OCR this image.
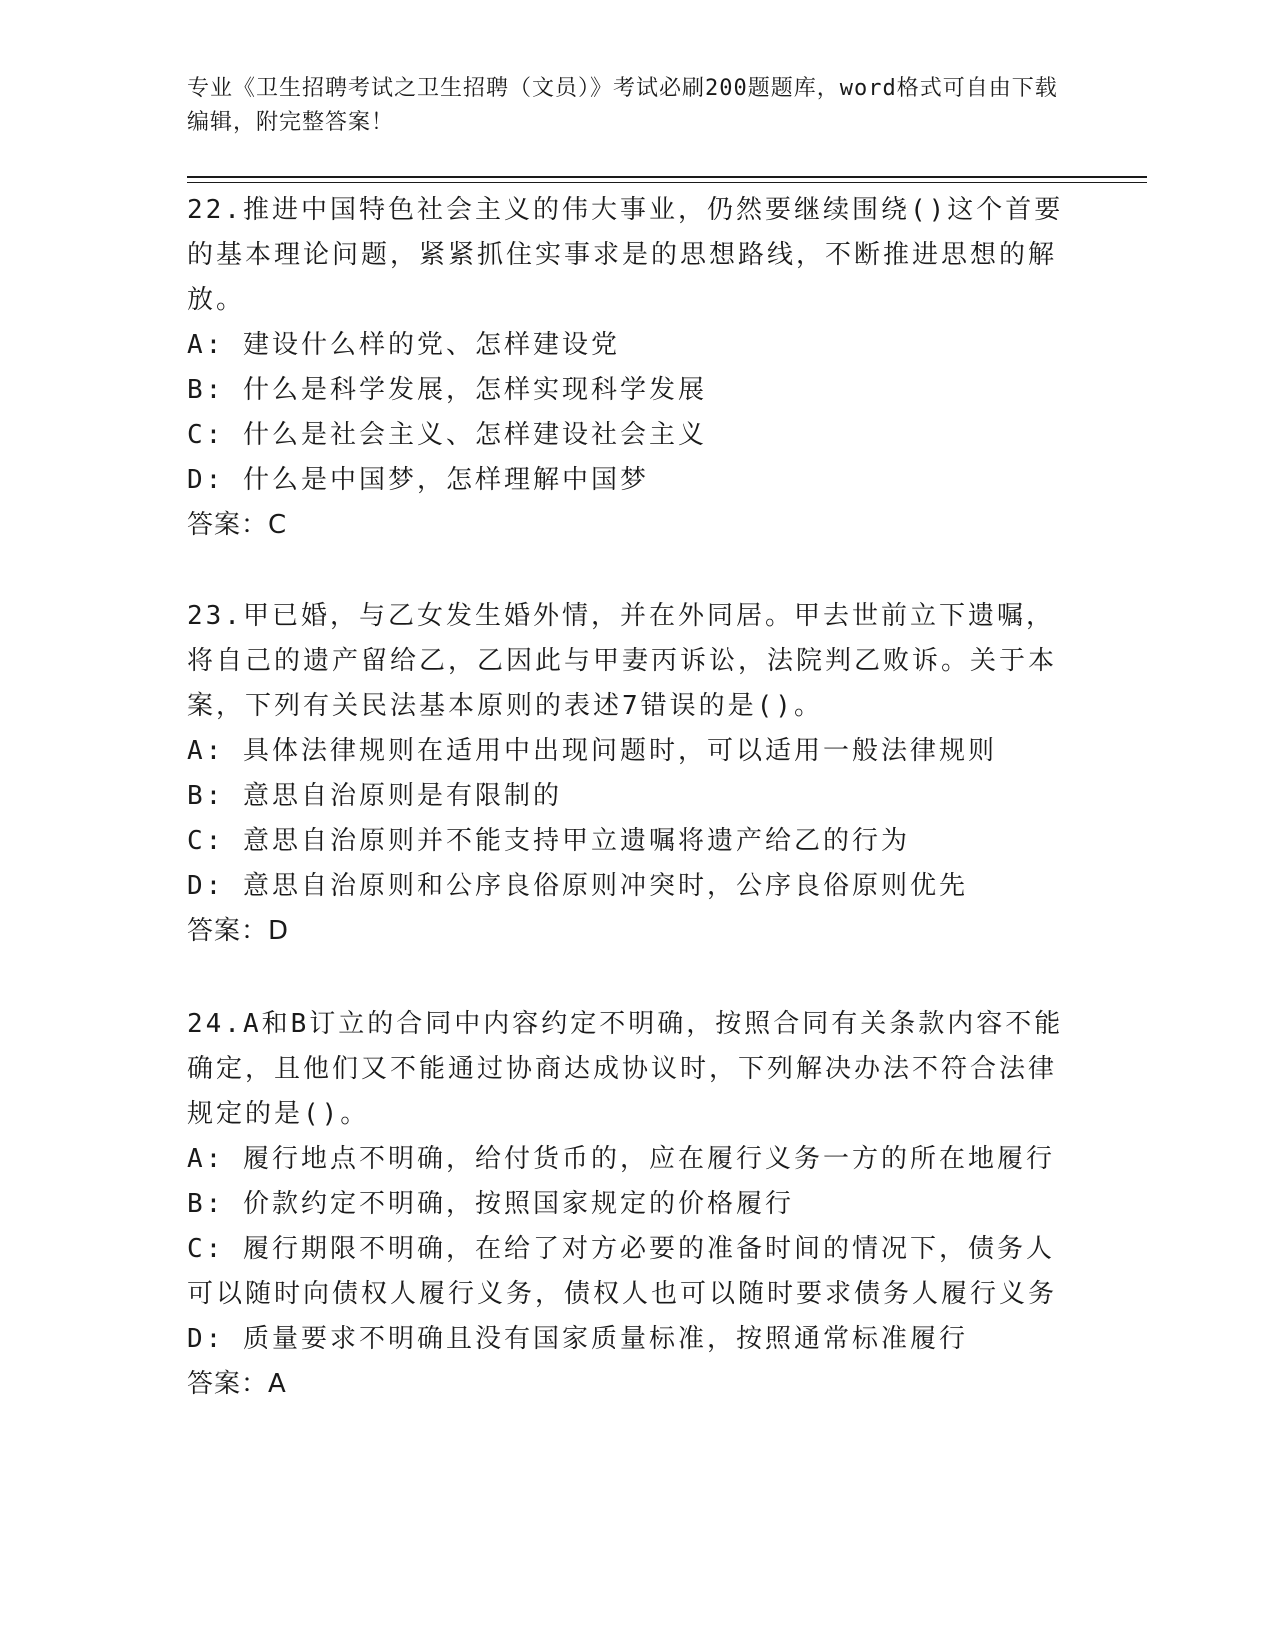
专业《卫生招聘考试之卫生招聘（文员）》考试必刷200题题库，word格式可自由下载编辑，附完整答案！
22.推进中国特色社会主义的伟大事业，仍然要继续围绕()这个首要的基本理论问题，紧紧抓住实事求是的思想路线，不断推进思想的解放。
A: 建设什么样的党、怎样建设党
B: 什么是科学发展，怎样实现科学发展
C: 什么是社会主义、怎样建设社会主义
D: 什么是中国梦，怎样理解中国梦
答案：C
23.甲已婚，与乙女发生婚外情，并在外同居。甲去世前立下遗嘱，将自己的遗产留给乙，乙因此与甲妻丙诉讼，法院判乙败诉。关于本案，下列有关民法基本原则的表述7错误的是()。
A: 具体法律规则在适用中出现问题时，可以适用一般法律规则
B: 意思自治原则是有限制的
C: 意思自治原则并不能支持甲立遗嘱将遗产给乙的行为
D: 意思自治原则和公序良俗原则冲突时，公序良俗原则优先
答案：D
24.A和B订立的合同中内容约定不明确，按照合同有关条款内容不能确定，且他们又不能通过协商达成协议时，下列解决办法不符合法律规定的是()。
A: 履行地点不明确，给付货币的，应在履行义务一方的所在地履行
B: 价款约定不明确，按照国家规定的价格履行
C: 履行期限不明确，在给了对方必要的准备时间的情况下，债务人可以随时向债权人履行义务，债权人也可以随时要求债务人履行义务
D: 质量要求不明确且没有国家质量标准，按照通常标准履行
答案：A
